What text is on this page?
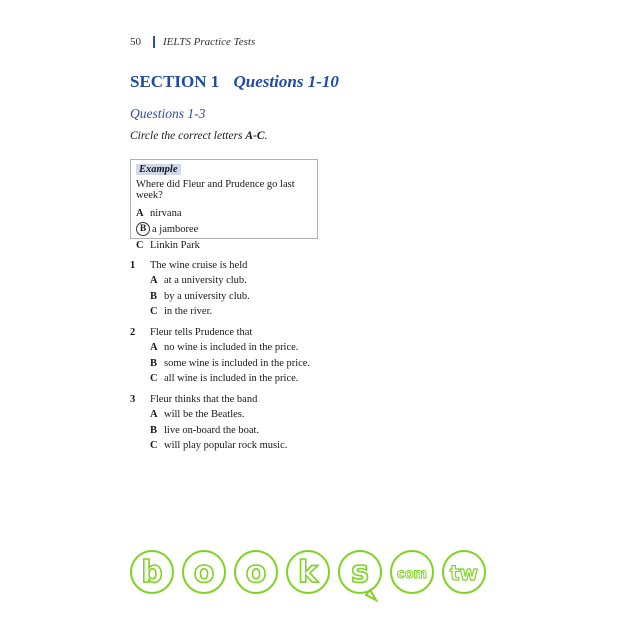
50 IELTS Practice Tests
SECTION 1 Questions 1-10
Questions 1-3
Circle the correct letters A-C.
Example
Where did Fleur and Prudence go last week?
A nirvana
B a jamboree
C Linkin Park
1	The wine cruise is held
A at a university club.
B by a university club.
C in the river.
2	Fleur tells Prudence that
A no wine is included in the price.
B some wine is included in the price.
C all wine is included in the price.
3	Fleur thinks that the band
A will be the Beatles.
B live on-board the boat.
C will play popular rock music.
b o o k s com tw
